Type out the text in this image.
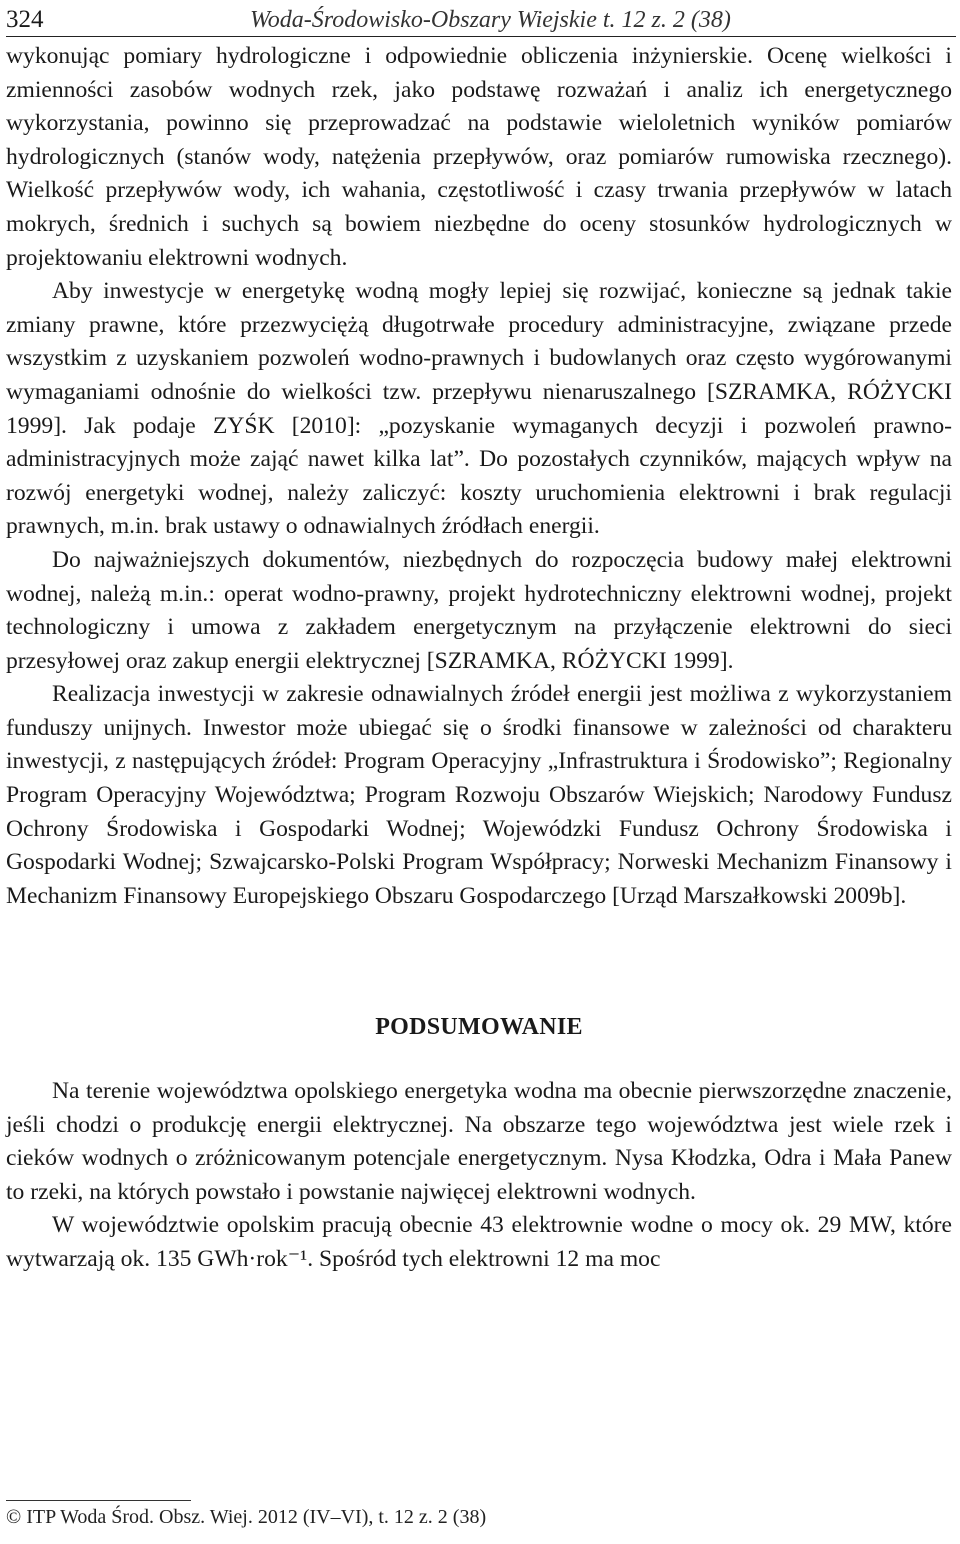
324	Woda-Środowisko-Obszary Wiejskie t. 12 z. 2 (38)

wykonując pomiary hydrologiczne i odpowiednie obliczenia inżynierskie. Ocenę wielkości i zmienności zasobów wodnych rzek, jako podstawę rozważań i analiz ich energetycznego wykorzystania, powinno się przeprowadzać na podstawie wieloletnich wyników pomiarów hydrologicznych (stanów wody, natężenia przepływów, oraz pomiarów rumowiska rzecznego). Wielkość przepływów wody, ich wahania, częstotliwość i czasy trwania przepływów w latach mokrych, średnich i suchych są bowiem niezbędne do oceny stosunków hydrologicznych w projektowaniu elektrowni wodnych.

Aby inwestycje w energetykę wodną mogły lepiej się rozwijać, konieczne są jednak takie zmiany prawne, które przezwyciężą długotrwałe procedury administracyjne, związane przede wszystkim z uzyskaniem pozwoleń wodno-prawnych i budowlanych oraz często wygórowanymi wymaganiami odnośnie do wielkości tzw. przepływu nienaruszalnego [SZRAMKA, RÓŻYCKI 1999]. Jak podaje ZYŚK [2010]: „pozyskanie wymaganych decyzji i pozwoleń prawno-administracyjnych może zająć nawet kilka lat”. Do pozostałych czynników, mających wpływ na rozwój energetyki wodnej, należy zaliczyć: koszty uruchomienia elektrowni i brak regulacji prawnych, m.in. brak ustawy o odnawialnych źródłach energii.

Do najważniejszych dokumentów, niezbędnych do rozpoczęcia budowy małej elektrowni wodnej, należą m.in.: operat wodno-prawny, projekt hydrotechniczny elektrowni wodnej, projekt technologiczny i umowa z zakładem energetycznym na przyłączenie elektrowni do sieci przesyłowej oraz zakup energii elektrycznej [SZRAMKA, RÓŻYCKI 1999].

Realizacja inwestycji w zakresie odnawialnych źródeł energii jest możliwa z wykorzystaniem funduszy unijnych. Inwestor może ubiegać się o środki finansowe w zależności od charakteru inwestycji, z następujących źródeł: Program Operacyjny „Infrastruktura i Środowisko”; Regionalny Program Operacyjny Województwa; Program Rozwoju Obszarów Wiejskich; Narodowy Fundusz Ochrony Środowiska i Gospodarki Wodnej; Wojewódzki Fundusz Ochrony Środowiska i Gospodarki Wodnej; Szwajcarsko-Polski Program Współpracy; Norweski Mechanizm Finansowy i Mechanizm Finansowy Europejskiego Obszaru Gospodarczego [Urząd Marszałkowski 2009b].

PODSUMOWANIE

Na terenie województwa opolskiego energetyka wodna ma obecnie pierwszorzędne znaczenie, jeśli chodzi o produkcję energii elektrycznej. Na obszarze tego województwa jest wiele rzek i cieków wodnych o zróżnicowanym potencjale energetycznym. Nysa Kłodzka, Odra i Mała Panew to rzeki, na których powstało i powstanie najwięcej elektrowni wodnych.

W województwie opolskim pracują obecnie 43 elektrownie wodne o mocy ok. 29 MW, które wytwarzają ok. 135 GWh·rok⁻¹. Spośród tych elektrowni 12 ma moc

© ITP Woda Środ. Obsz. Wiej. 2012 (IV–VI), t. 12 z. 2 (38)
